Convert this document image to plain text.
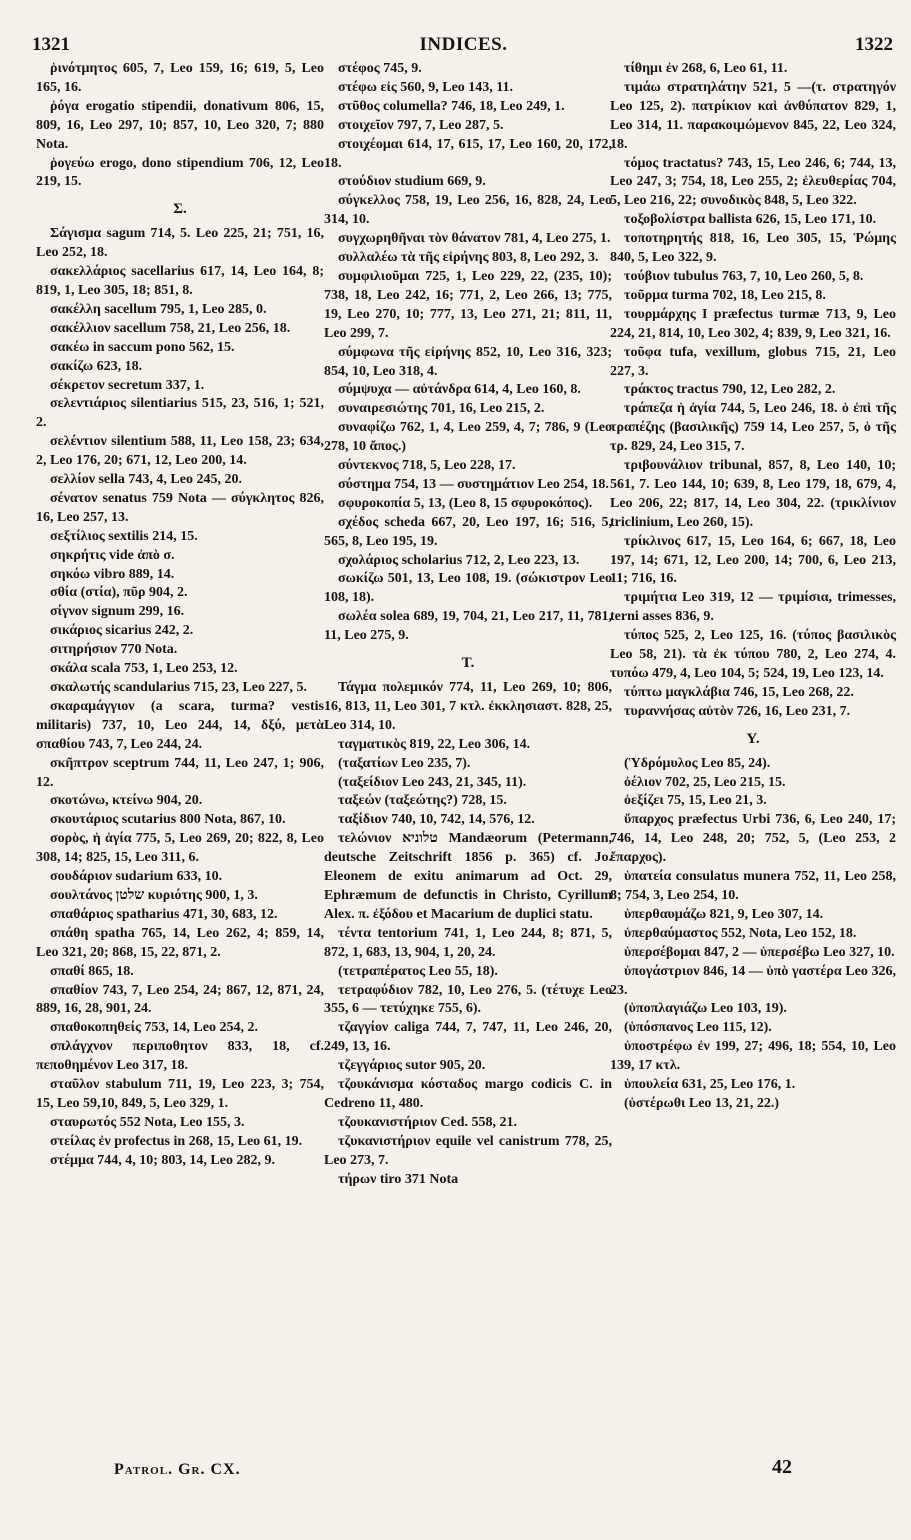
1321	INDICES.	1322

ῥινότμητος 605, 7, Leo 159, 16; 619, 5, Leo 165, 16.

ῥόγα erogatio stipendii, donativum 806, 15, 809, 16, Leo 297, 10; 857, 10, Leo 320, 7; 880 Nota.

ῥογεύω erogo, dono stipendium 706, 12, Leo 219, 15.

Σ.

Σάγισμα sagum 714, 5. Leo 225, 21; 751, 16, Leo 252, 18.

σακελλάριος sacellarius 617, 14, Leo 164, 8; 819, 1, Leo 305, 18; 851, 8.

σακέλλη sacellum 795, 1, Leo 285, 0.

σακέλλιον sacellum 758, 21, Leo 256, 18.

σακέω in saccum pono 562, 15.

σακίζω 623, 18.

σέκρετον secretum 337, 1.

σελεντιάριος silentiarius 515, 23, 516, 1; 521, 2.

σελέντιον silentium 588, 11, Leo 158, 23; 634, 2, Leo 176, 20; 671, 12, Leo 200, 14.

σελλίον sella 743, 4, Leo 245, 20.

σένατον senatus 759 Nota — σύγκλητος 826, 16, Leo 257, 13.

σεξτίλιος sextilis 214, 15.

σηκρήτις vide ἀπὸ σ.

σηκόω vibro 889, 14.

σθία (στία), πῦρ 904, 2.

σίγνον signum 299, 16.

σικάριος sicarius 242, 2.

σιτηρήσιον 770 Nota.

σκάλα scala 753, 1, Leo 253, 12.

σκαλωτής scandularius 715, 23, Leo 227, 5.

σκαραμάγγιον (a scara, turma? vestis militaris) 737, 10, Leo 244, 14, δξύ, μετὰ σπαθίου 743, 7, Leo 244, 24.

σκῆπτρον sceptrum 744, 11, Leo 247, 1; 906, 12.

σκοτώνω, κτείνω 904, 20.

σκουτάριος scutarius 800 Nota, 867, 10.

σορὸς, ἡ ἁγία 775, 5, Leo 269, 20; 822, 8, Leo 308, 14; 825, 15, Leo 311, 6.

σουδάριον sudarium 633, 10.

σουλτάνος שלטן κυριότης 900, 1, 3.

σπαθάριος spatharius 471, 30, 683, 12.

σπάθη spatha 765, 14, Leo 262, 4; 859, 14, Leo 321, 20; 868, 15, 22, 871, 2.

σπαθί 865, 18.

σπαθίον 743, 7, Leo 254, 24; 867, 12, 871, 24, 889, 16, 28, 901, 24.

σπαθοκοπηθείς 753, 14, Leo 254, 2.

σπλάγχνον περιποθητον 833, 18, cf. πεποθημένον Leo 317, 18.

σταῦλον stabulum 711, 19, Leo 223, 3; 754, 15, Leo 59,10, 849, 5, Leo 329, 1.

σταυρωτός 552 Nota, Leo 155, 3.

στείλας ἐν profectus in 268, 15, Leo 61, 19.

στέμμα 744, 4, 10; 803, 14, Leo 282, 9.

στέφος 745, 9.

στέφω εἰς 560, 9, Leo 143, 11.

στῦθος columella? 746, 18, Leo 249, 1.

στοιχεῖον 797, 7, Leo 287, 5.

στοιχέομαι 614, 17, 615, 17, Leo 160, 20, 172, 18.

στούδιον studium 669, 9.

σύγκελλος 758, 19, Leo 256, 16, 828, 24, Leo 314, 10.

συγχωρηθῆναι τὸν θάνατον 781, 4, Leo 275, 1.

συλλαλέω τὰ τῆς εἰρήνης 803, 8, Leo 292, 3.

συμφιλιοῦμαι 725, 1, Leo 229, 22, (235, 10); 738, 18, Leo 242, 16; 771, 2, Leo 266, 13; 775, 19, Leo 270, 10; 777, 13, Leo 271, 21; 811, 11, Leo 299, 7.

σύμφωνα τῆς εἰρήνης 852, 10, Leo 316, 323; 854, 10, Leo 318, 4.

σύμψυχα — αὐτάνδρα 614, 4, Leo 160, 8.

συναιρεσιώτης 701, 16, Leo 215, 2.

συναφίζω 762, 1, 4, Leo 259, 4, 7; 786, 9 (Leo 278, 10 ἄπος.)

σύντεκνος 718, 5, Leo 228, 17.

σύστημα 754, 13 — συστημάτιον Leo 254, 18.

σφυροκοπία 5, 13, (Leo 8, 15 σφυροκόπος).

σχέδος scheda 667, 20, Leo 197, 16; 516, 5, 565, 8, Leo 195, 19.

σχολάριος scholarius 712, 2, Leo 223, 13.

σωκίζω 501, 13, Leo 108, 19. (σώκιστρον Leo 108, 18).

σωλέα solea 689, 19, 704, 21, Leo 217, 11, 781, 11, Leo 275, 9.

Τ.

Τάγμα πολεμικόν 774, 11, Leo 269, 10; 806, 16, 813, 11, Leo 301, 7 κτλ. ἐκκλησιαστ. 828, 25, Leo 314, 10.

ταγματικὸς 819, 22, Leo 306, 14.

(ταξατίων Leo 235, 7).

(ταξείδιον Leo 243, 21, 345, 11).

ταξεών (ταξεώτης?) 728, 15.

ταξίδιον 740, 10, 742, 14, 576, 12.

τελώνιον טלוניא Mandæorum (Petermann, deutsche Zeitschrift 1856 p. 365) cf. Jo. Eleonem de exitu animarum ad Oct. 29, Ephræmum de defunctis in Christo, Cyrillum Alex. π. ἐξόδου et Macarium de duplici statu.

τέντα tentorium 741, 1, Leo 244, 8; 871, 5, 872, 1, 683, 13, 904, 1, 20, 24.

(τετραπέρατος Leo 55, 18).

τετραφύδιον 782, 10, Leo 276, 5. (τέτυχε Leo 355, 6 — τετύχηκε 755, 6).

τζαγγίον caliga 744, 7, 747, 11, Leo 246, 20, 249, 13, 16.

τζεγγάριος sutor 905, 20.

τζουκάνισμα κόσταδος margo codicis C. in Cedreno 11, 480.

τζουκανιστήριον Ced. 558, 21.

τζυκανιστήριον equile vel canistrum 778, 25, Leo 273, 7.

τήρων tiro 371 Nota

τίθημι ἐν 268, 6, Leo 61, 11.

τιμάω στρατηλάτην 521, 5 —(τ. στρατηγόν Leo 125, 2). πατρίκιον καὶ ἀνθύπατον 829, 1, Leo 314, 11. παρακοιμώμενον 845, 22, Leo 324, 18.

τόμος tractatus? 743, 15, Leo 246, 6; 744, 13, Leo 247, 3; 754, 18, Leo 255, 2; ἐλευθερίας 704, 5, Leo 216, 22; συνοδικὸς 848, 5, Leo 322.

τοξοβολίστρα ballista 626, 15, Leo 171, 10.

τοποτηρητής 818, 16, Leo 305, 15, Ῥώμης 840, 5, Leo 322, 9.

τούβιον tubulus 763, 7, 10, Leo 260, 5, 8.

τοῦρμα turma 702, 18, Leo 215, 8.

τουρμάρχης I præfectus turmæ 713, 9, Leo 224, 21, 814, 10, Leo 302, 4; 839, 9, Leo 321, 16.

τοῦφα tufa, vexillum, globus 715, 21, Leo 227, 3.

τράκτος tractus 790, 12, Leo 282, 2.

τράπεζα ἡ ἁγία 744, 5, Leo 246, 18. ὁ ἐπὶ τῆς τραπέζης (βασιλικῆς) 759 14, Leo 257, 5, ὁ τῆς τρ. 829, 24, Leo 315, 7.

τριβουνάλιον tribunal, 857, 8, Leo 140, 10; 561, 7. Leo 144, 10; 639, 8, Leo 179, 18, 679, 4, Leo 206, 22; 817, 14, Leo 304, 22. (τρικλίνιον triclinium, Leo 260, 15).

τρίκλινος 617, 15, Leo 164, 6; 667, 18, Leo 197, 14; 671, 12, Leo 200, 14; 700, 6, Leo 213, 11; 716, 16.

τριμήτια Leo 319, 12 — τριμίσια, trimesses, terni asses 836, 9.

τύπος 525, 2, Leo 125, 16. (τύπος βασιλικὸς Leo 58, 21). τὰ ἐκ τύπου 780, 2, Leo 274, 4. τυπόω 479, 4, Leo 104, 5; 524, 19, Leo 123, 14.

τύπτω μαγκλάβια 746, 15, Leo 268, 22.

τυραννήσας αὐτὸν 726, 16, Leo 231, 7.

Υ.

(Ὑδρόμυλος Leo 85, 24).

ὀέλιον 702, 25, Leo 215, 15.

ὀεξίζει 75, 15, Leo 21, 3.

ὕπαρχος præfectus Urbi 736, 6, Leo 240, 17; 746, 14, Leo 248, 20; 752, 5, (Leo 253, 2 ἔπαρχος).

ὑπατεία consulatus munera 752, 11, Leo 258, 8; 754, 3, Leo 254, 10.

ὑπερθαυμάζω 821, 9, Leo 307, 14.

ὑπερθαύμαστος 552, Nota, Leo 152, 18.

ὑπερσέβομαι 847, 2 — ὑπερσέβω Leo 327, 10.

ὑπογάστριον 846, 14 — ὑπὸ γαστέρα Leo 326, 23.

(ὑποπλαγιάζω Leo 103, 19).

(ὑπόσπανος Leo 115, 12).

ὑποστρέφω ἐν 199, 27; 496, 18; 554, 10, Leo 139, 17 κτλ.

ὑπουλεία 631, 25, Leo 176, 1.

(ὑστέρωθι Leo 13, 21, 22.)

Patrol. Gr. CX.	42
